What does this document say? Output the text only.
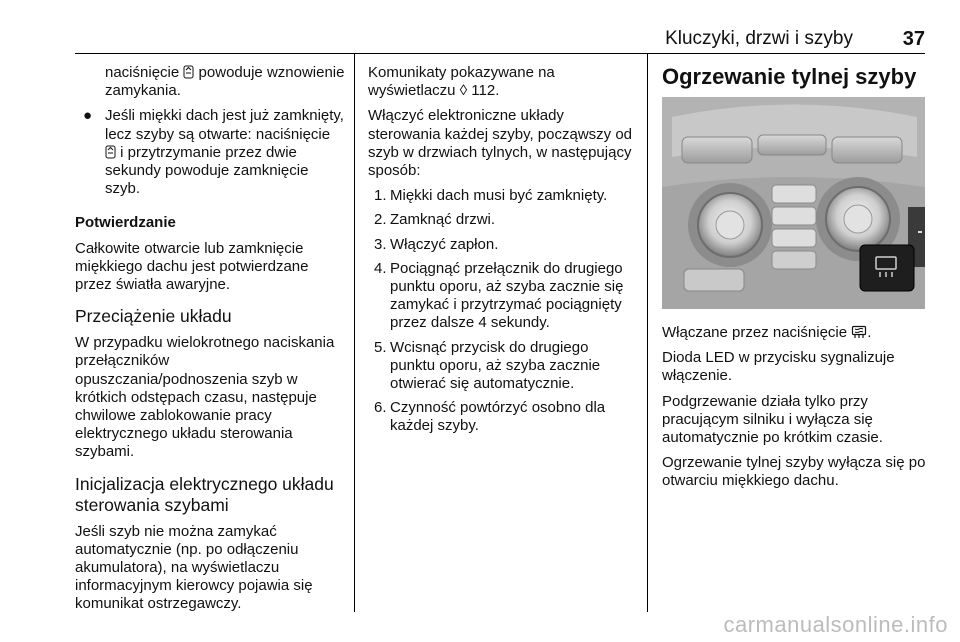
Kluczyki, drzwi i szyby 37

naciśnięcie  powoduje wznowienie zamykania.

● Jeśli miękki dach jest już zamknięty, lecz szyby są otwarte: naciśnięcie  i przytrzymanie przez dwie sekundy powoduje zamknięcie szyb.

Potwierdzanie

Całkowite otwarcie lub zamknięcie miękkiego dachu jest potwierdzane przez światła awaryjne.

Przeciążenie układu

W przypadku wielokrotnego naciskania przełączników opuszczania/podnoszenia szyb w krótkich odstępach czasu, następuje chwilowe zablokowanie pracy elektrycznego układu sterowania szybami.

Inicjalizacja elektrycznego układu sterowania szybami

Jeśli szyb nie można zamykać automatycznie (np. po odłączeniu akumulatora), na wyświetlaczu informacyjnym kierowcy pojawia się komunikat ostrzegawczy.

Komunikaty pokazywane na wyświetlaczu ◊ 112.

Włączyć elektroniczne układy sterowania każdej szyby, począwszy od szyb w drzwiach tylnych, w następujący sposób:

1. Miękki dach musi być zamknięty.
2. Zamknąć drzwi.
3. Włączyć zapłon.
4. Pociągnąć przełącznik do drugiego punktu oporu, aż szyba zacznie się zamykać i przytrzymać pociągnięty przez dalsze 4 sekundy.
5. Wcisnąć przycisk do drugiego punktu oporu, aż szyba zacznie otwierać się automatycznie.
6. Czynność powtórzyć osobno dla każdej szyby.

Ogrzewanie tylnej szyby

Włączane przez naciśnięcie .

Dioda LED w przycisku sygnalizuje włączenie.

Podgrzewanie działa tylko przy pracującym silniku i wyłącza się automatycznie po krótkim czasie.

Ogrzewanie tylnej szyby wyłącza się po otwarciu miękkiego dachu.

carmanualsonline.info
